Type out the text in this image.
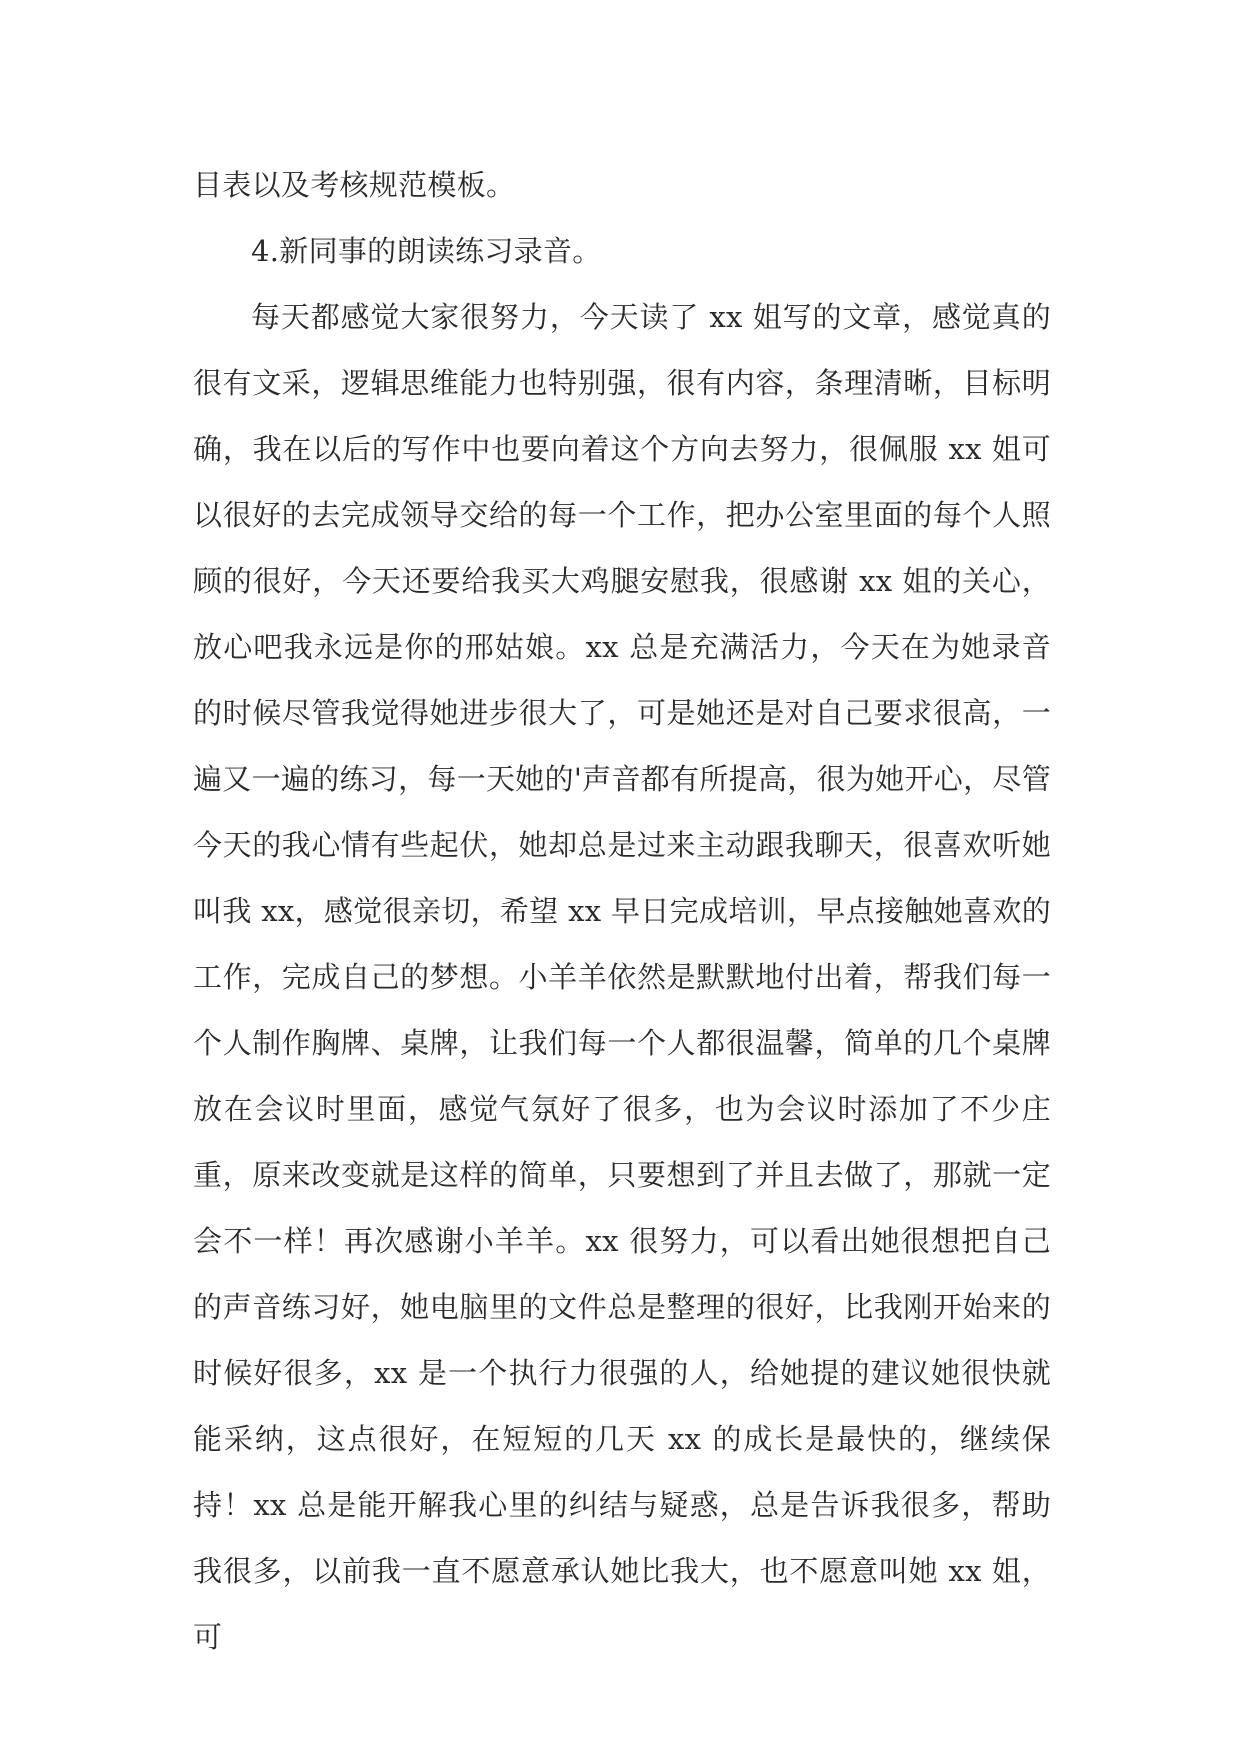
目表以及考核规范模板。

4.新同事的朗读练习录音。

每天都感觉大家很努力，今天读了 xx 姐写的文章，感觉真的很有文采，逻辑思维能力也特别强，很有内容，条理清晰，目标明确，我在以后的写作中也要向着这个方向去努力，很佩服 xx 姐可以很好的去完成领导交给的每一个工作，把办公室里面的每个人照顾的很好，今天还要给我买大鸡腿安慰我，很感谢 xx 姐的关心，放心吧我永远是你的邢姑娘。xx 总是充满活力，今天在为她录音的时候尽管我觉得她进步很大了，可是她还是对自己要求很高，一遍又一遍的练习，每一天她的'声音都有所提高，很为她开心，尽管今天的我心情有些起伏，她却总是过来主动跟我聊天，很喜欢听她叫我 xx，感觉很亲切，希望 xx 早日完成培训，早点接触她喜欢的工作，完成自己的梦想。小羊羊依然是默默地付出着，帮我们每一个人制作胸牌、桌牌，让我们每一个人都很温馨，简单的几个桌牌放在会议时里面，感觉气氛好了很多，也为会议时添加了不少庄重，原来改变就是这样的简单，只要想到了并且去做了，那就一定会不一样！再次感谢小羊羊。xx 很努力，可以看出她很想把自己的声音练习好，她电脑里的文件总是整理的很好，比我刚开始来的时候好很多，xx 是一个执行力很强的人，给她提的建议她很快就能采纳，这点很好，在短短的几天 xx 的成长是最快的，继续保持！xx 总是能开解我心里的纠结与疑惑，总是告诉我很多，帮助我很多，以前我一直不愿意承认她比我大，也不愿意叫她 xx 姐，可
